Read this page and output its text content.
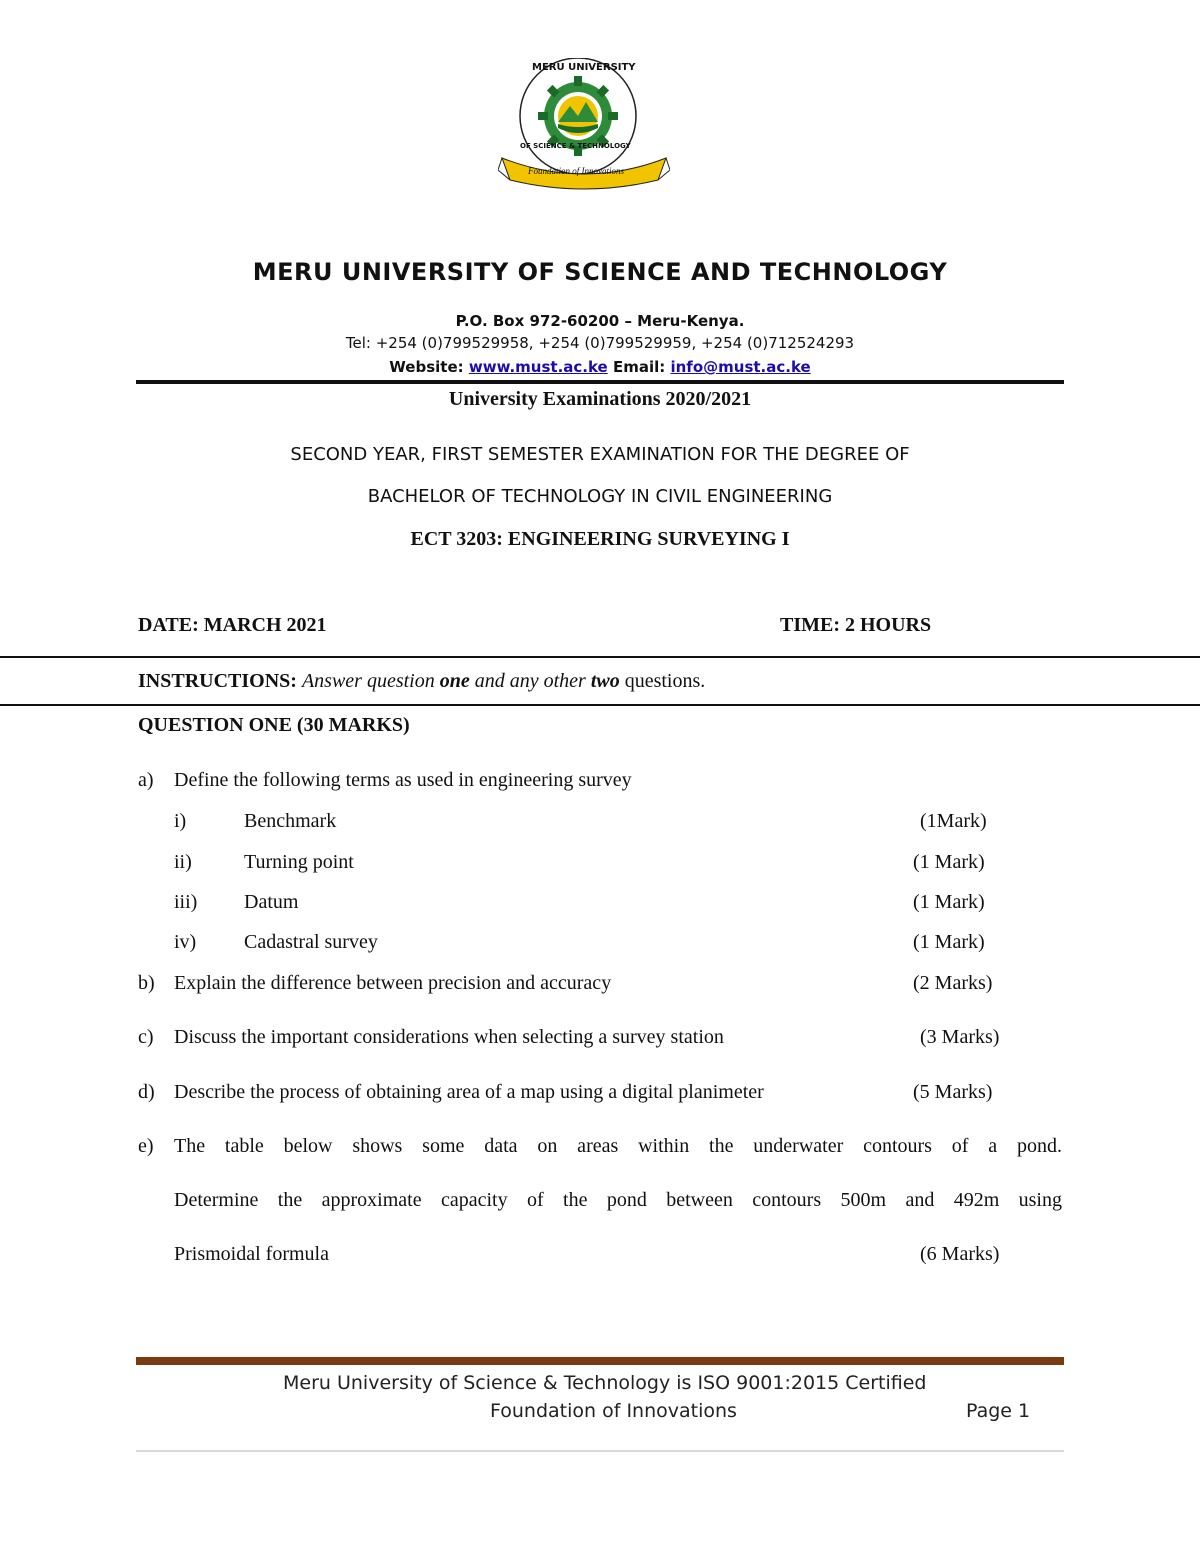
MERU UNIVERSITY
OF SCIENCE & TECHNOLOGY
Foundation of Innovations
MERU UNIVERSITY OF SCIENCE AND TECHNOLOGY
P.O. Box 972-60200 – Meru-Kenya.
Tel: +254 (0)799529958, +254 (0)799529959, +254 (0)712524293
Website: www.must.ac.ke Email: info@must.ac.ke
University Examinations 2020/2021
SECOND YEAR, FIRST SEMESTER EXAMINATION FOR THE DEGREE OF
BACHELOR OF TECHNOLOGY IN CIVIL ENGINEERING
ECT 3203: ENGINEERING SURVEYING I
DATE: MARCH 2021	TIME: 2 HOURS
INSTRUCTIONS: Answer question one and any other two questions.
QUESTION ONE (30 MARKS)
a) Define the following terms as used in engineering survey
i)	Benchmark	(1Mark)
ii)	Turning point	(1 Mark)
iii) Datum	(1 Mark)
iv) Cadastral survey	(1 Mark)
b) Explain the difference between precision and accuracy	(2 Marks)
c) Discuss the important considerations when selecting a survey station	(3 Marks)
d) Describe the process of obtaining area of a map using a digital planimeter	(5 Marks)
e) The table below shows some data on areas within the underwater contours of a pond.
Determine the approximate capacity of the pond between contours 500m and 492m using
Prismoidal formula	(6 Marks)
Meru University of Science & Technology is ISO 9001:2015 Certified
Foundation of Innovations	Page 1
